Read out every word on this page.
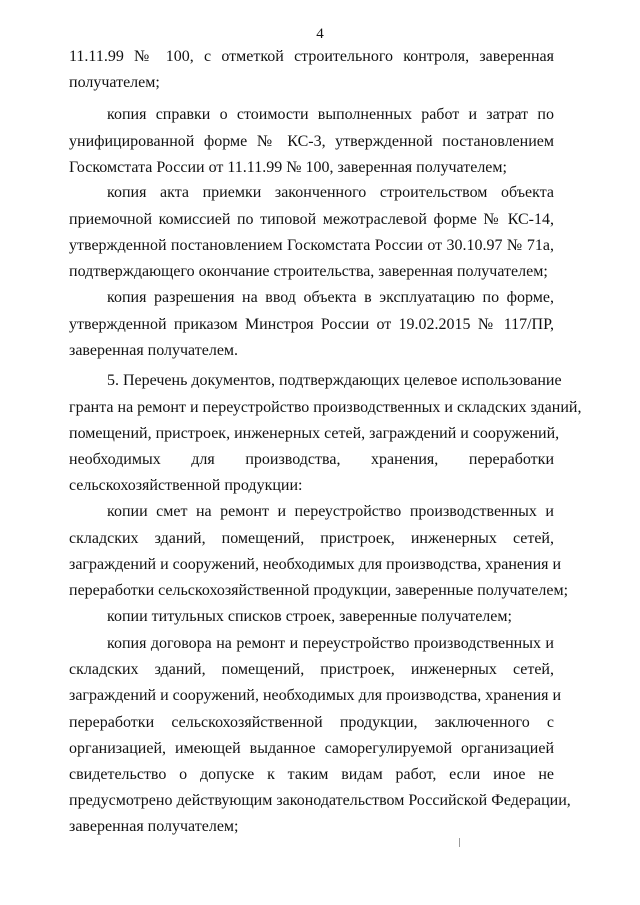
4
11.11.99 № 100, с отметкой строительного контроля, заверенная
получателем;
копия справки о стоимости выполненных работ и затрат по
унифицированной форме № КС-3, утвержденной постановлением
Госкомстата России от 11.11.99 № 100, заверенная получателем;
копия акта приемки законченного строительством объекта
приемочной комиссией по типовой межотраслевой форме № КС-14,
утвержденной постановлением Госкомстата России от 30.10.97 № 71а,
подтверждающего окончание строительства, заверенная получателем;
копия разрешения на ввод объекта в эксплуатацию по форме,
утвержденной приказом Минстроя России от 19.02.2015 № 117/ПР,
заверенная получателем.
5. Перечень документов, подтверждающих целевое использование
гранта на ремонт и переустройство производственных и складских зданий,
помещений, пристроек, инженерных сетей, заграждений и сооружений,
необходимых для производства, хранения, переработки
сельскохозяйственной продукции:
копии смет на ремонт и переустройство производственных и
складских зданий, помещений, пристроек, инженерных сетей,
заграждений и сооружений, необходимых для производства, хранения и
переработки сельскохозяйственной продукции, заверенные получателем;
копии титульных списков строек, заверенные получателем;
копия договора на ремонт и переустройство производственных и
складских зданий, помещений, пристроек, инженерных сетей,
заграждений и сооружений, необходимых для производства, хранения и
переработки сельскохозяйственной продукции, заключенного с
организацией, имеющей выданное саморегулируемой организацией
свидетельство о допуске к таким видам работ, если иное не
предусмотрено действующим законодательством Российской Федерации,
заверенная получателем;
